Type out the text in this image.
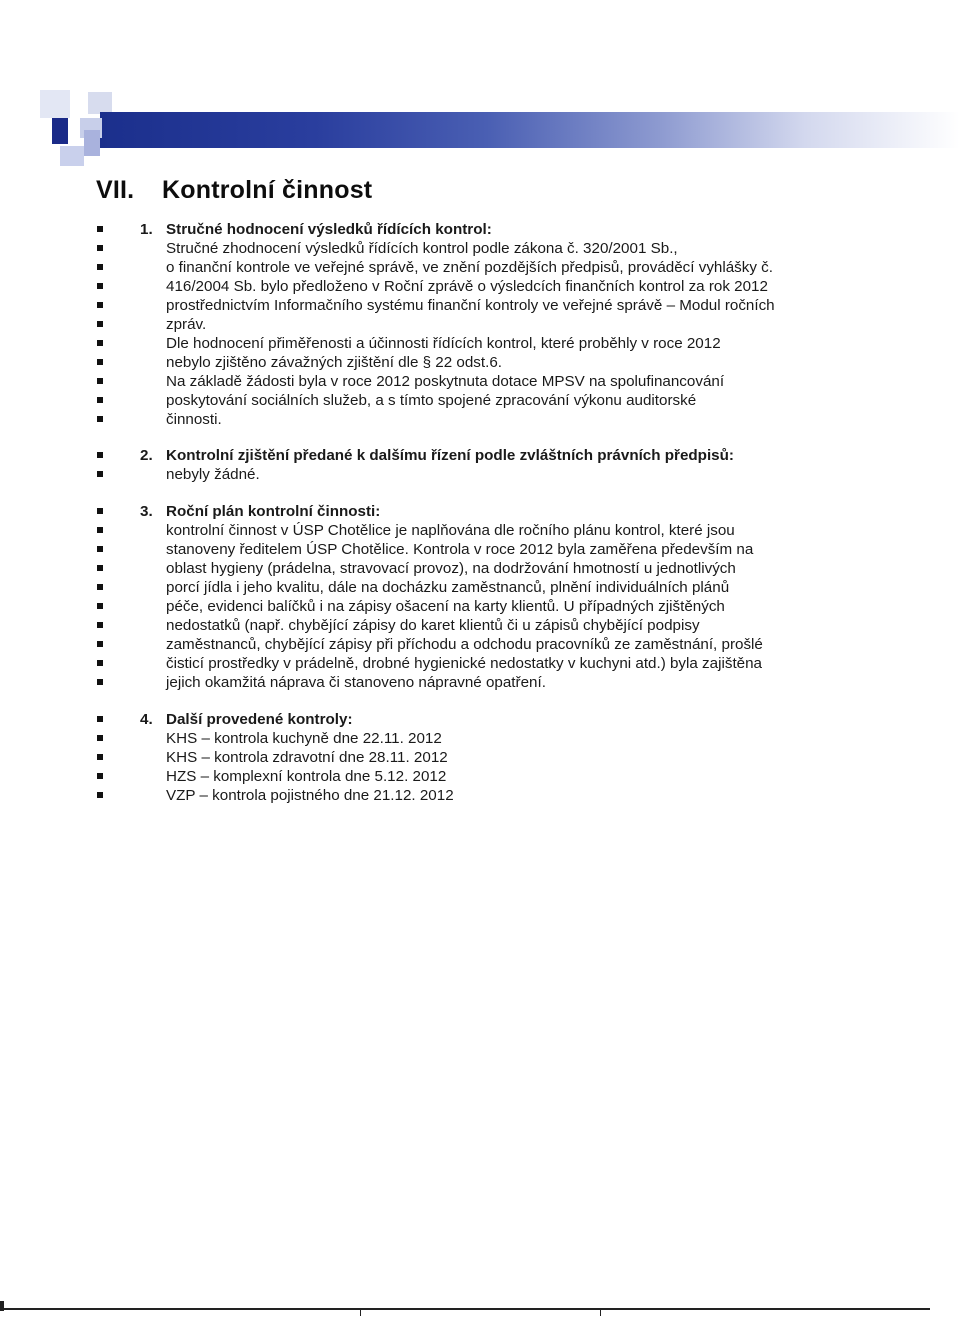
VII. Kontrolní činnost
1. Stručné hodnocení výsledků řídících kontrol:
Stručné zhodnocení výsledků řídících kontrol podle zákona č. 320/2001 Sb.,
o finanční kontrole ve veřejné správě, ve znění pozdějších předpisů, prováděcí vyhlášky č.
416/2004 Sb. bylo předloženo v Roční zprávě o výsledcích finančních kontrol za rok 2012
prostřednictvím Informačního systému finanční kontroly ve veřejné správě – Modul ročních
zpráv.
Dle hodnocení přiměřenosti a účinnosti řídících kontrol, které proběhly v roce 2012
nebylo zjištěno závažných zjištění dle § 22 odst.6.
Na základě žádosti byla v roce 2012 poskytnuta dotace MPSV na spolufinancování
poskytování sociálních služeb, a s tímto spojené zpracování výkonu auditorské
činnosti.
2. Kontrolní zjištění předané k dalšímu řízení podle zvláštních právních předpisů:
nebyly žádné.
3. Roční plán kontrolní činnosti:
kontrolní činnost v ÚSP Chotělice je naplňována dle ročního plánu kontrol, které jsou
stanoveny ředitelem ÚSP Chotělice. Kontrola v roce 2012 byla zaměřena především na
oblast hygieny (prádelna, stravovací provoz), na dodržování hmotností u jednotlivých
porcí jídla i jeho kvalitu, dále na docházku zaměstnanců, plnění individuálních plánů
péče, evidenci balíčků i na zápisy ošacení na karty klientů. U případných zjištěných
nedostatků (např. chybějící zápisy do karet klientů či u zápisů chybějící podpisy
zaměstnanců, chybějící zápisy při příchodu a odchodu pracovníků ze zaměstnání, prošlé
čisticí prostředky v prádelně, drobné hygienické nedostatky v kuchyni atd.) byla zajištěna
jejich okamžitá náprava či stanoveno nápravné opatření.
4. Další provedené kontroly:
KHS – kontrola kuchyně dne 22.11. 2012
KHS – kontrola zdravotní dne 28.11. 2012
HZS – komplexní kontrola dne 5.12. 2012
VZP – kontrola pojistného dne 21.12. 2012
